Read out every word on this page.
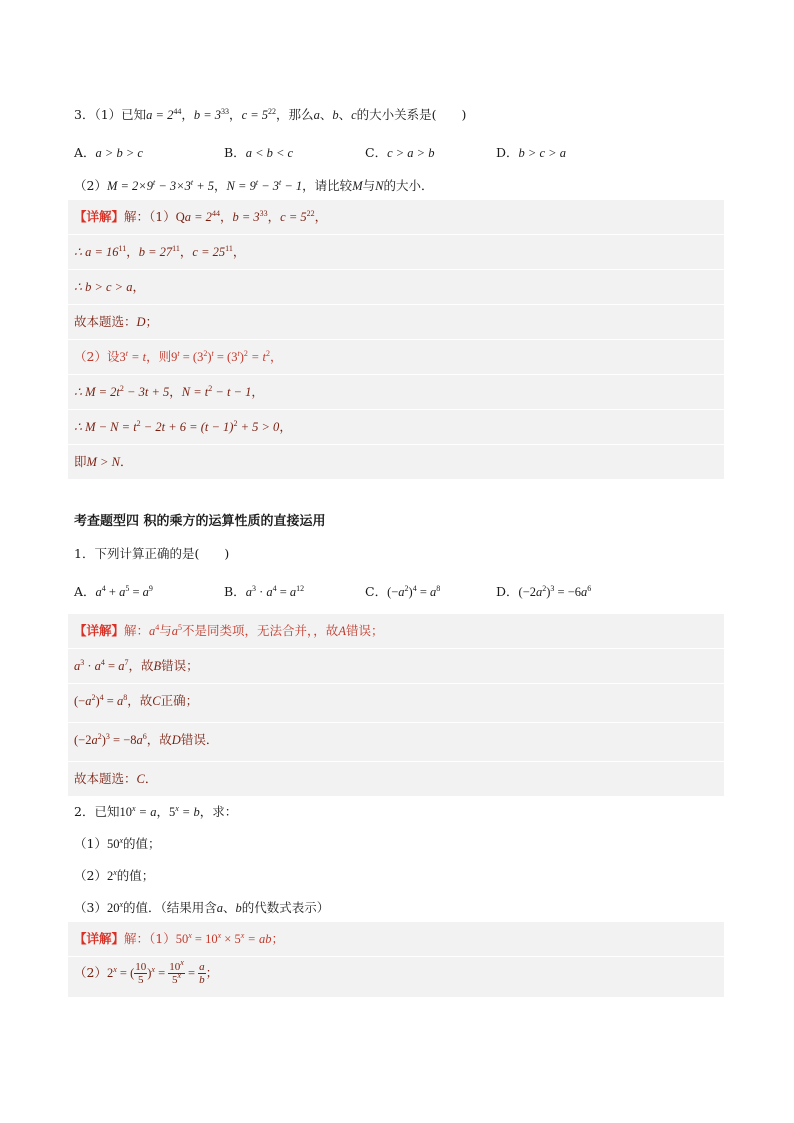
3．（1）已知$a = 2^{44}$，$b = 3^{33}$，$c = 5^{22}$，那么a、b、c的大小关系是(　　)
A．a > b > c	B．a < b < c	C．c > a > b	D．b > c > a
$(2)M = 2\times 9^t - 3\times 3^t + 5$，$N = 9^t - 3^t - 1$，请比较M与N的大小．
【详解】解：$(1)Qa = 2^{44}$，$b = 3^{33}$，$c = 5^{22}$，
∴ $a = 16^{11}$，$b = 27^{11}$，$c = 25^{11}$，
∴ b > c > a，
故本题选：D；
（2）设$3^t = t$，则$9^t = (3^2)^t = (3^t)^2 = t^2$，
∴ $M = 2t^2 - 3t + 5$，$N = t^2 - t - 1$，
∴ $M - N = t^2 - 2t + 6 = (t - 1)^2 + 5 > 0$，
即M > N．
考查题型四 积的乘方的运算性质的直接运用
1．下列计算正确的是(　　)
A．$a^4 + a^5 = a^9$	B．$a^3 \cdot a^4 = a^{12}$	C．$(-a^2)^4 = a^8$	D．$(-2a^2)^3 = -6a^6$
【详解】解：$a^4$与$a^5$不是同类项，无法合并，，故A错误；
$a^3 \cdot a^4 = a^7$，故B错误；
$(-a^2)^4 = a^8$，故C正确；
$(-2a^2)^3 = -8a^6$，故D错误．
故本题选：C．
2．已知$10^x = a$，$5^x = b$，求：
（1）50$^x$的值；
（2）2$^x$的值；
（3）20$^x$的值．（结果用含a、b的代数式表示）
【详解】解：$(1)50^x = 10^x \times 5^x$ = ab；
$(2)2^x$ = ( $\frac{10}{5} )^x = \frac{10^x}{5^x} = \frac{a}{b}$ ；
